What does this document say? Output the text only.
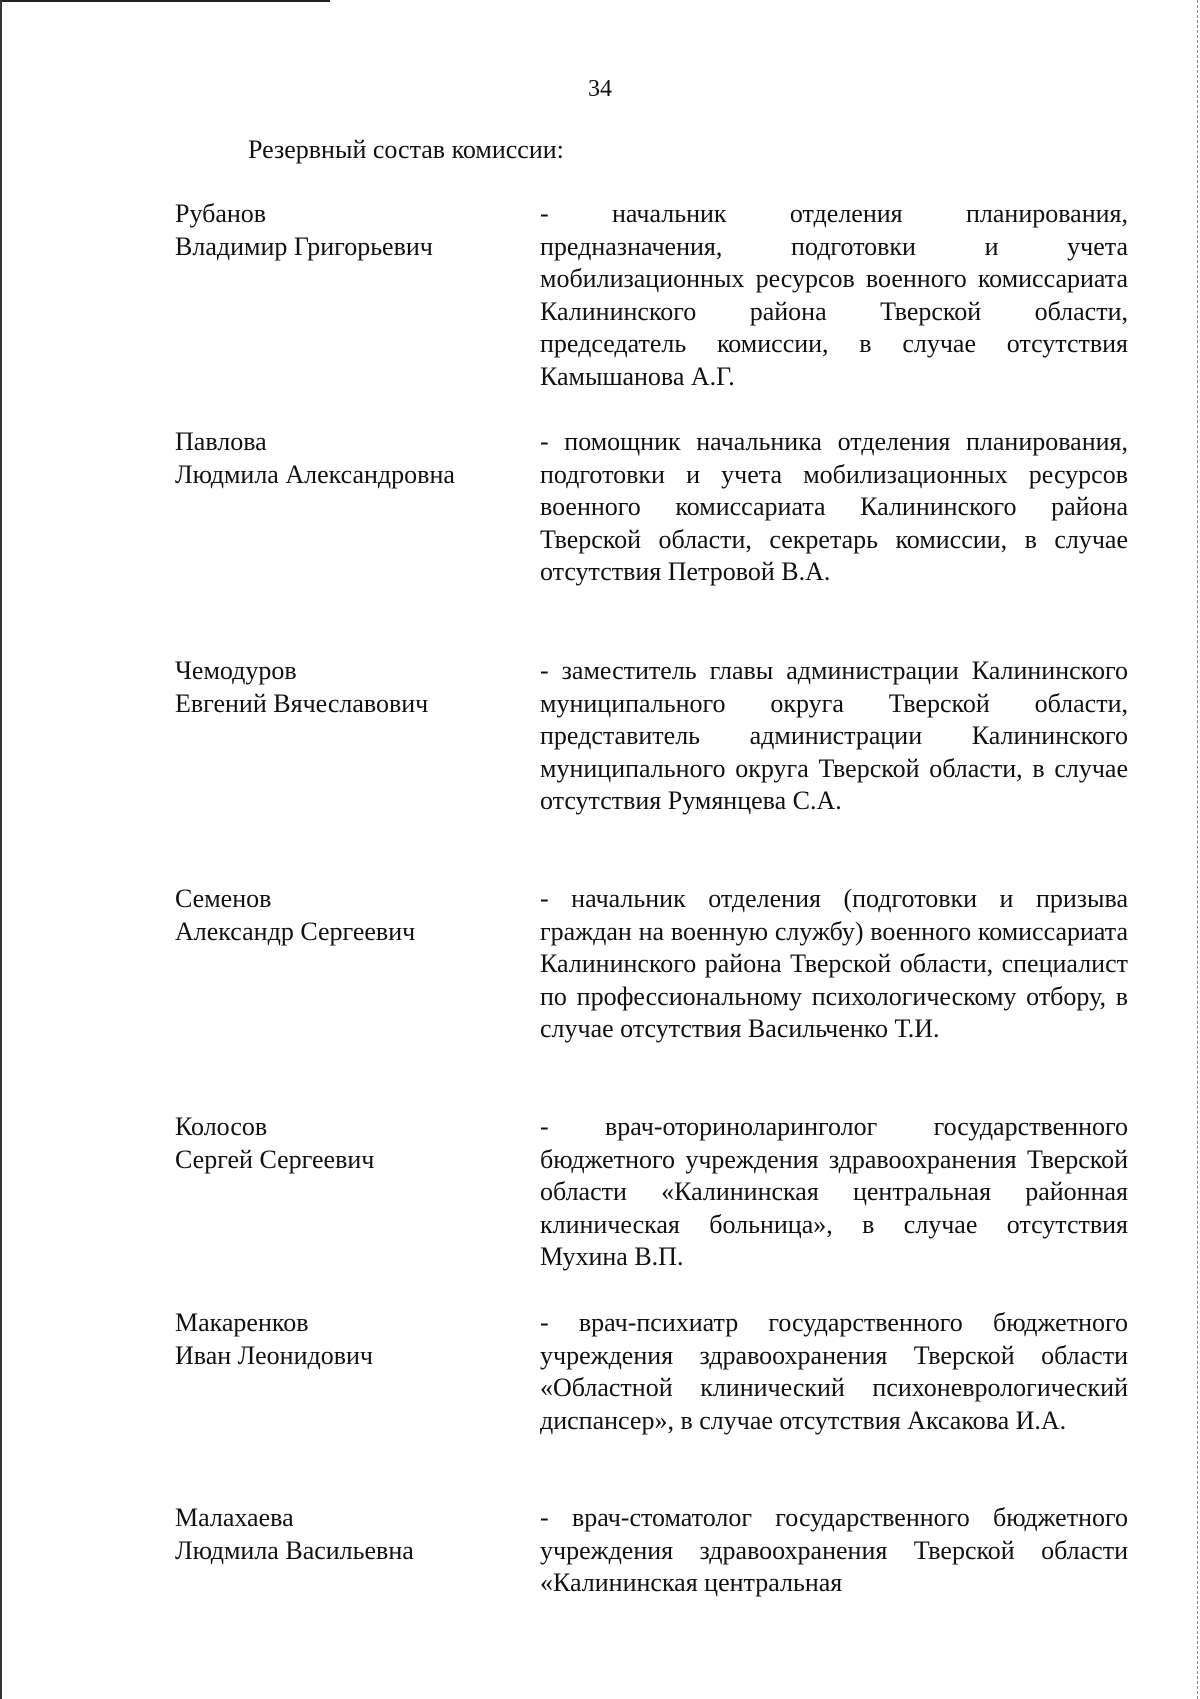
34
Резервный состав комиссии:
Рубанов
Владимир Григорьевич
- начальник отделения планирования, предназначения, подготовки и учета мобилизационных ресурсов военного комиссариата Калининского района Тверской области, председатель комиссии, в случае отсутствия Камышанова А.Г.
Павлова
Людмила Александровна
- помощник начальника отделения планирования, подготовки и учета мобилизационных ресурсов военного комиссариата Калининского района Тверской области, секретарь комиссии, в случае отсутствия Петровой В.А.
Чемодуров
Евгений Вячеславович
- заместитель главы администрации Калининского муниципального округа Тверской области, представитель администрации Калининского муниципального округа Тверской области, в случае отсутствия Румянцева С.А.
Семенов
Александр Сергеевич
- начальник отделения (подготовки и призыва граждан на военную службу) военного комиссариата Калининского района Тверской области, специалист по профессиональному психологическому отбору, в случае отсутствия Васильченко Т.И.
Колосов
Сергей Сергеевич
- врач-оториноларинголог государственного бюджетного учреждения здравоохранения Тверской области «Калининская центральная районная клиническая больница», в случае отсутствия Мухина В.П.
Макаренков
Иван Леонидович
- врач-психиатр государственного бюджетного учреждения здравоохранения Тверской области «Областной клинический психоневрологический диспансер», в случае отсутствия Аксакова И.А.
Малахаева
Людмила Васильевна
- врач-стоматолог государственного бюджетного учреждения здравоохранения Тверской области «Калининская центральная
